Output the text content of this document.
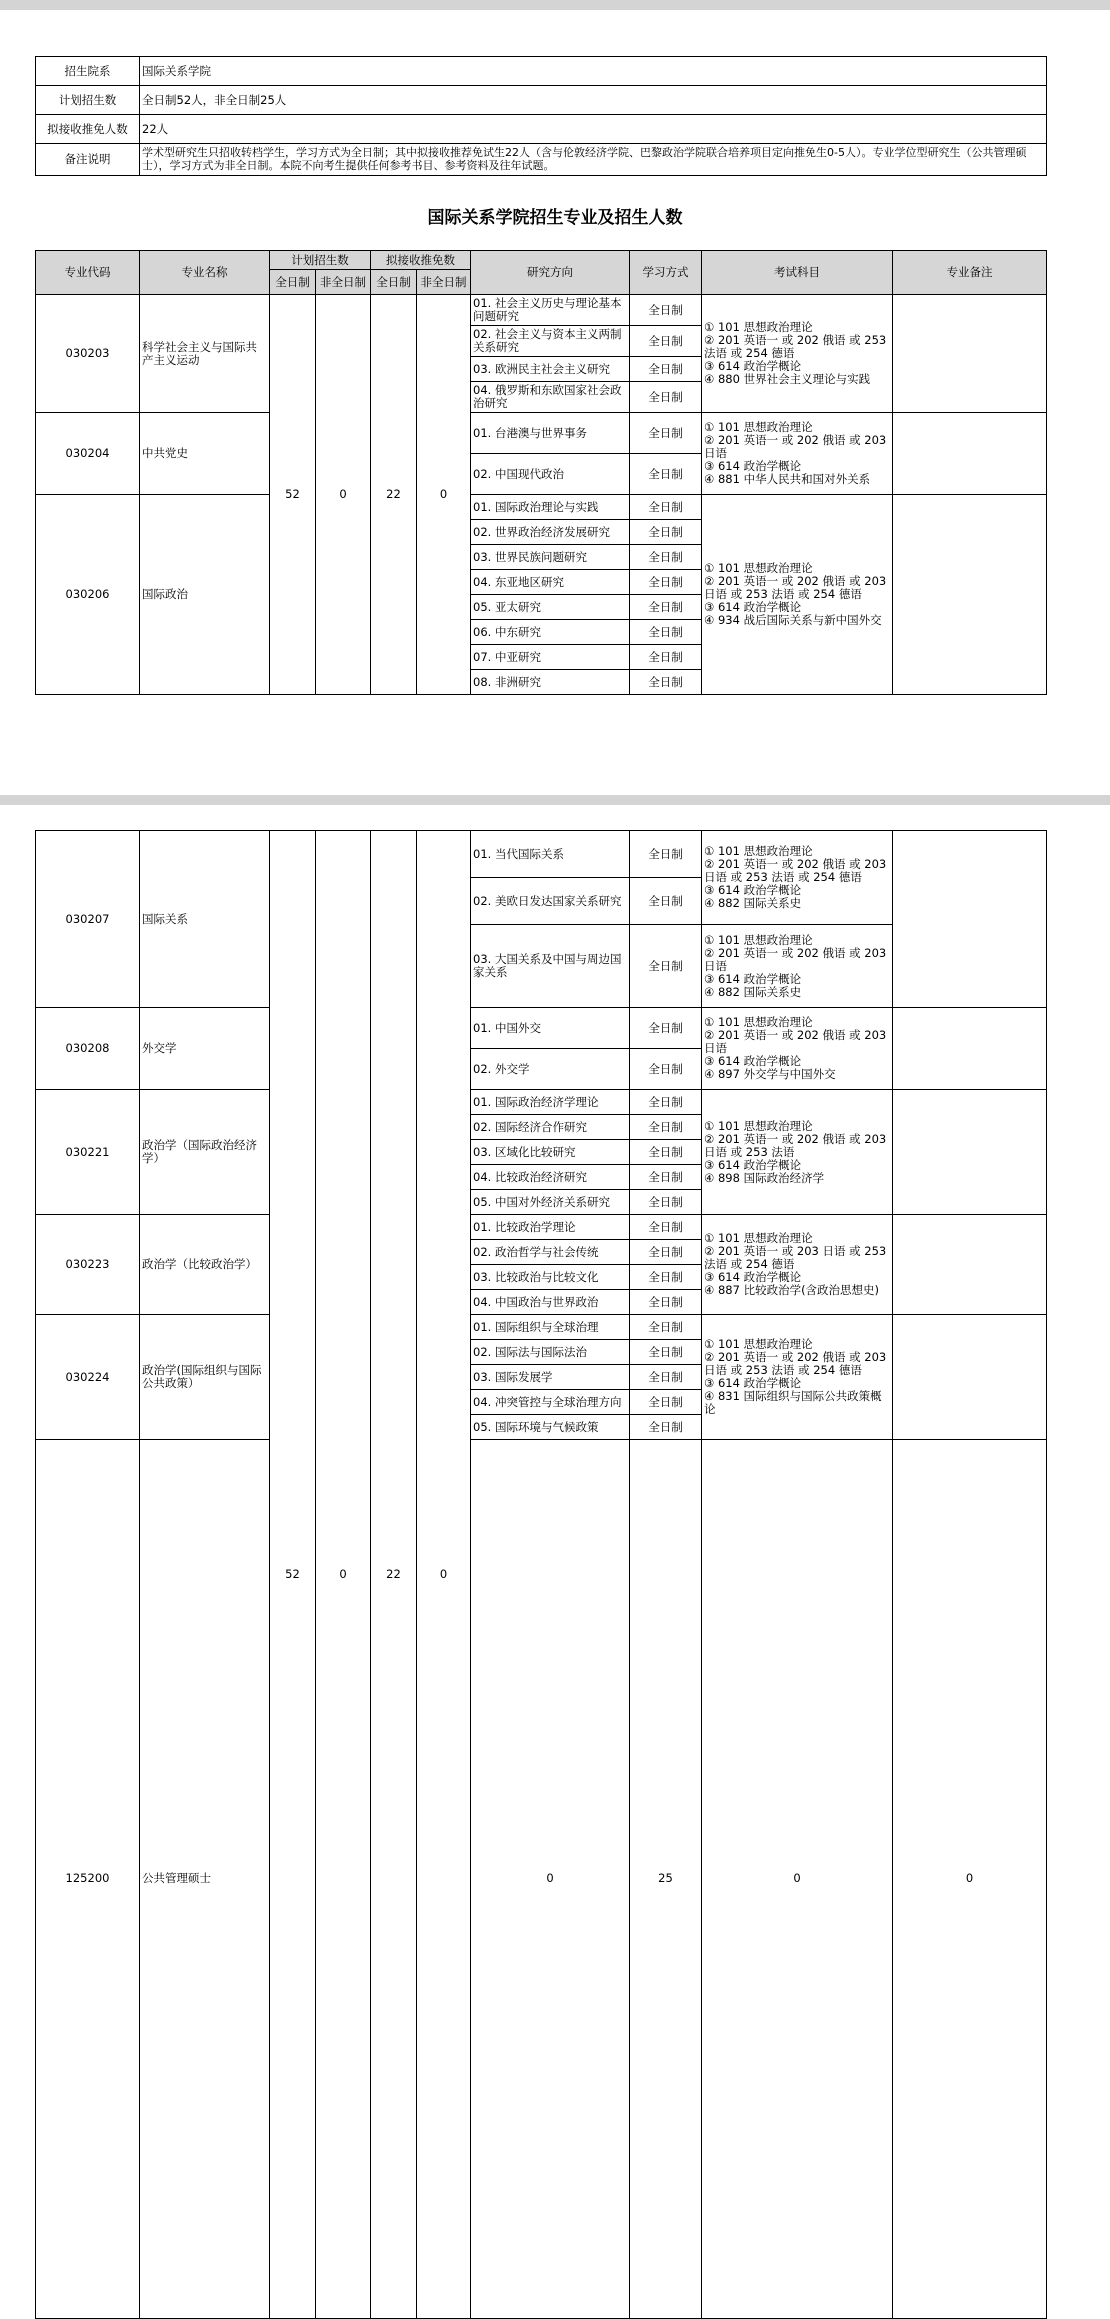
招生院系	国际关系学院
计划招生数	全日制52人，非全日制25人
拟接收推免人数	22人
备注说明	学术型研究生只招收转档学生，学习方式为全日制；其中拟接收推荐免试生22人（含与伦敦经济学院、巴黎政治学院联合培养项目定向推免生0-5人）。专业学位型研究生（公共管理硕士），学习方式为非全日制。本院不向考生提供任何参考书目、参考资料及往年试题。
国际关系学院招生专业及招生人数
专业代码	专业名称	计划招生数		拟接收推免数		研究方向	学习方式	考试科目	专业备注
		全日制	非全日制	全日制	非全日制				
030203	科学社会主义与国际共产主义运动	52	0	22	0	01. 社会主义历史与理论基本问题研究	全日制	① 101 思想政治理论
② 201 英语一 或 202 俄语 或 253 法语 或 254 德语
③ 614 政治学概论
④ 880 世界社会主义理论与实践	
						02. 社会主义与资本主义两制关系研究	全日制		
						03. 欧洲民主社会主义研究	全日制		
						04. 俄罗斯和东欧国家社会政治研究	全日制		
030204	中共党史					01. 台港澳与世界事务	全日制	① 101 思想政治理论
② 201 英语一 或 202 俄语 或 203 日语
③ 614 政治学概论
④ 881 中华人民共和国对外关系	
						02. 中国现代政治	全日制		
030206	国际政治					01. 国际政治理论与实践	全日制	① 101 思想政治理论
② 201 英语一 或 202 俄语 或 203 日语 或 253 法语 或 254 德语
③ 614 政治学概论
④ 934 战后国际关系与新中国外交	
						02. 世界政治经济发展研究	全日制		
						03. 世界民族问题研究	全日制		
						04. 东亚地区研究	全日制		
						05. 亚太研究	全日制		
						06. 中东研究	全日制		
						07. 中亚研究	全日制		
						08. 非洲研究	全日制		
030207	国际关系	52	0	22	0	01. 当代国际关系	全日制	① 101 思想政治理论
② 201 英语一 或 202 俄语 或 203 日语 或 253 法语 或 254 德语
③ 614 政治学概论
④ 882 国际关系史		
						02. 美欧日发达国家关系研究	全日制			
						03. 大国关系及中国与周边国家关系	全日制	① 101 思想政治理论
② 201 英语一 或 202 俄语 或 203 日语
③ 614 政治学概论
④ 882 国际关系史		
030208	外交学					01. 中国外交	全日制	① 101 思想政治理论
② 201 英语一 或 202 俄语 或 203 日语
③ 614 政治学概论
④ 897 外交学与中国外交		
						02. 外交学	全日制			
030221	政治学（国际政治经济学）					01. 国际政治经济学理论	全日制	① 101 思想政治理论
② 201 英语一 或 202 俄语 或 203 日语 或 253 法语
③ 614 政治学概论
④ 898 国际政治经济学		
						02. 国际经济合作研究	全日制			
						03. 区域化比较研究	全日制			
						04. 比较政治经济研究	全日制			
						05. 中国对外经济关系研究	全日制			
030223	政治学（比较政治学）					01. 比较政治学理论	全日制	① 101 思想政治理论
② 201 英语一 或 203 日语 或 253 法语 或 254 德语
③ 614 政治学概论
④ 887 比较政治学(含政治思想史)		
						02. 政治哲学与社会传统	全日制			
						03. 比较政治与比较文化	全日制			
						04. 中国政治与世界政治	全日制			
030224	政治学(国际组织与国际公共政策）					01. 国际组织与全球治理	全日制	① 101 思想政治理论
② 201 英语一 或 202 俄语 或 203 日语 或 253 法语 或 254 德语
③ 614 政治学概论
④ 831 国际组织与国际公共政策概论		
						02. 国际法与国际法治	全日制			
						03. 国际发展学	全日制			
						04. 冲突管控与全球治理方向	全日制			
						05. 国际环境与气候政策	全日制			
125200	公共管理硕士					0	25	0	0				
